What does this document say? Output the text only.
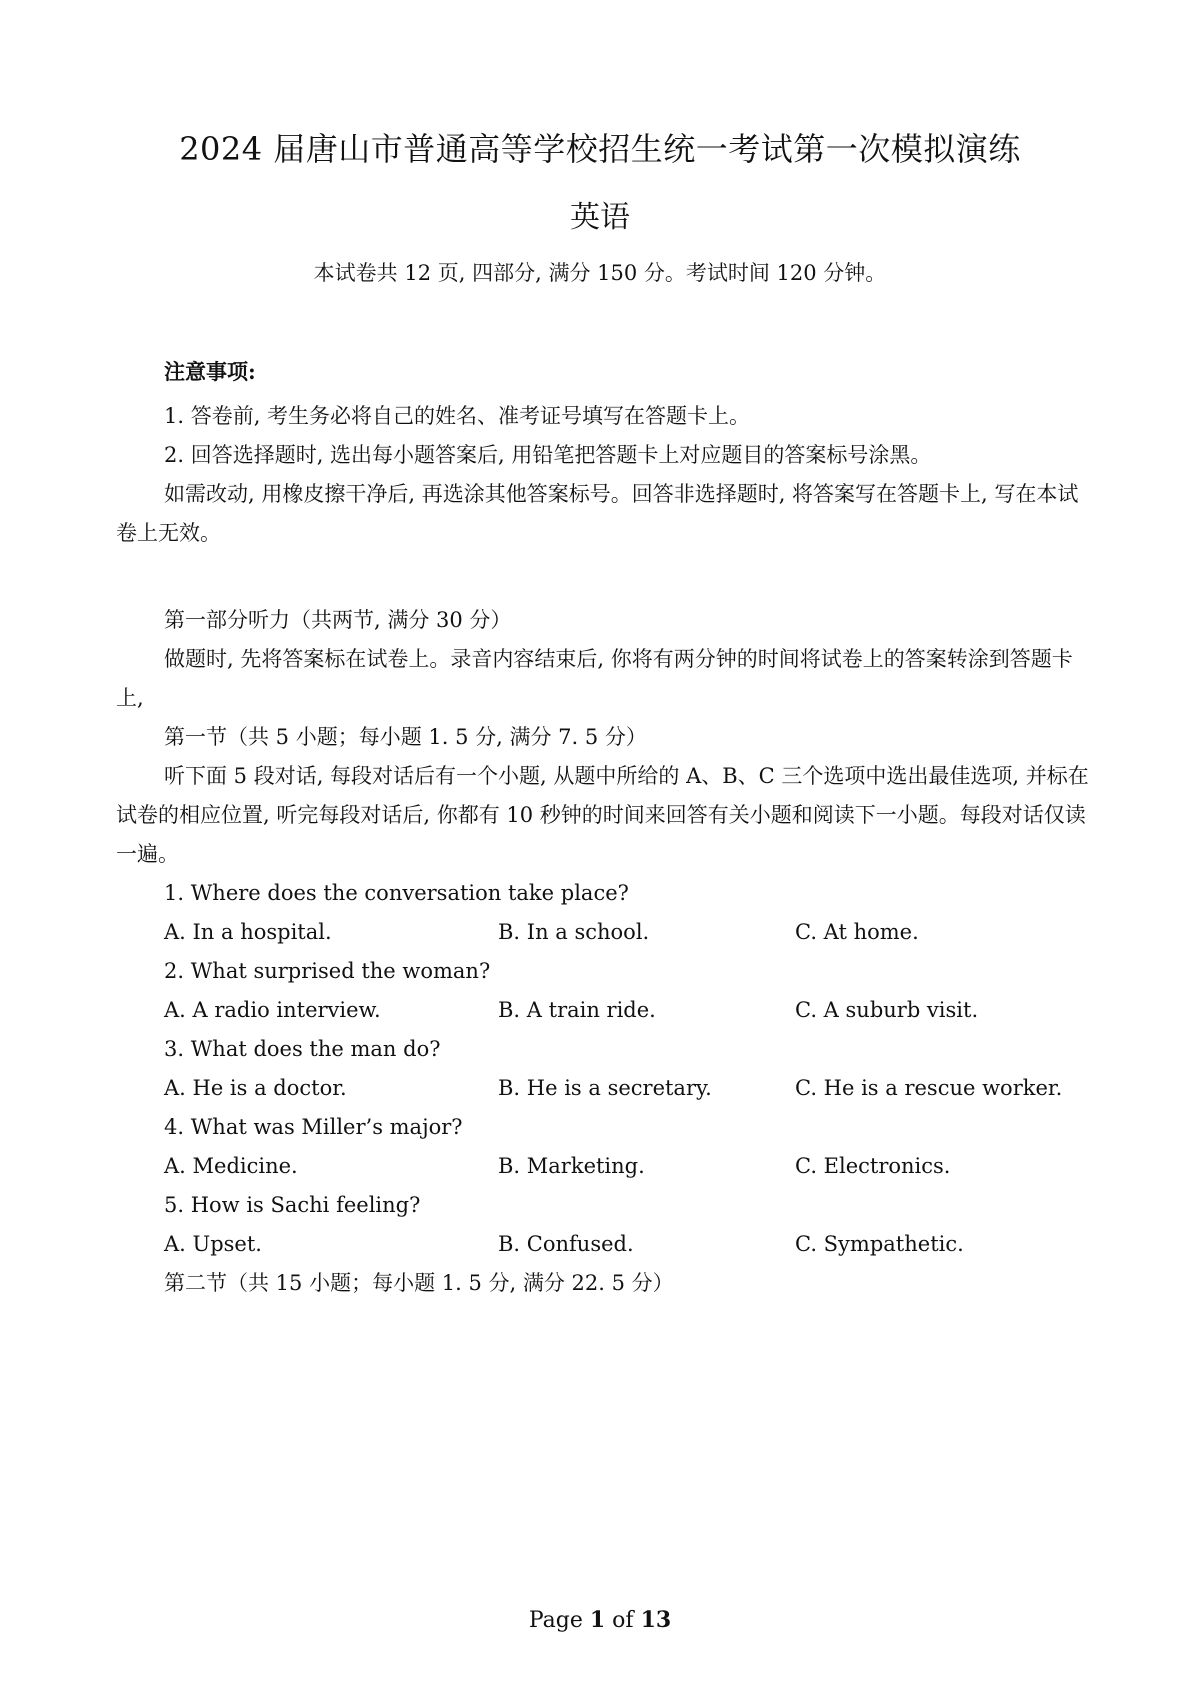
2024 届唐山市普通高等学校招生统一考试第一次模拟演练
英语
本试卷共 12 页, 四部分, 满分 150 分。考试时间 120 分钟。

注意事项:

1. 答卷前, 考生务必将自己的姓名、准考证号填写在答题卡上。

2. 回答选择题时, 选出每小题答案后, 用铅笔把答题卡上对应题目的答案标号涂黑。

如需改动, 用橡皮擦干净后, 再选涂其他答案标号。回答非选择题时, 将答案写在答题卡上, 写在本试卷上无效。

第一部分听力（共两节, 满分 30 分）

做题时, 先将答案标在试卷上。录音内容结束后, 你将有两分钟的时间将试卷上的答案转涂到答题卡上,

第一节（共 5 小题；每小题 1. 5 分, 满分 7. 5 分）

听下面 5 段对话, 每段对话后有一个小题, 从题中所给的 A、B、C 三个选项中选出最佳选项, 并标在试卷的相应位置, 听完每段对话后, 你都有 10 秒钟的时间来回答有关小题和阅读下一小题。每段对话仅读一遍。

1. Where does the conversation take place?

A. In a hospital.	B. In a school.	C. At home.

2. What surprised the woman?

A. A radio interview.	B. A train ride.	C. A suburb visit.

3. What does the man do?

A. He is a doctor.	B. He is a secretary.	C. He is a rescue worker.

4. What was Miller’s major?

A. Medicine.	B. Marketing.	C. Electronics.

5. How is Sachi feeling?

A. Upset.	B. Confused.	C. Sympathetic.

第二节（共 15 小题；每小题 1. 5 分, 满分 22. 5 分）

Page 1 of 13
